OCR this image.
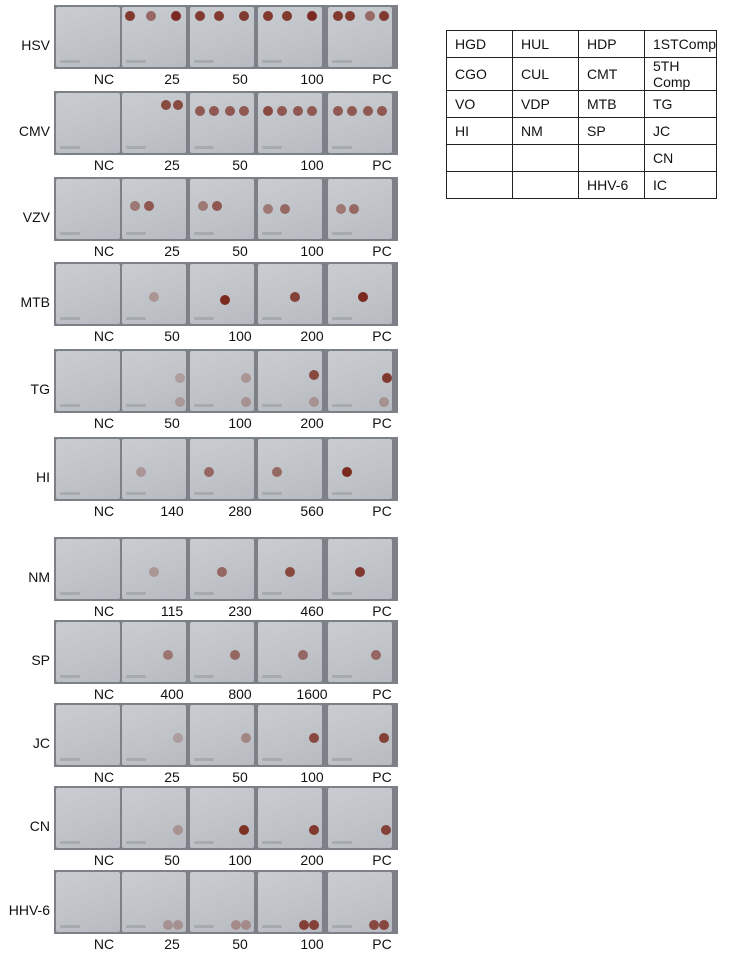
HSV
NC	25	50	100	PC
CMV
NC	25	50	100	PC
VZV
NC	25	50	100	PC
MTB
NC	50	100	200	PC
TG
NC	50	100	200	PC
HI
NC	140	280	560	PC
NM
NC	115	230	460	PC
SP
NC	400	800	1600	PC
JC
NC	25	50	100	PC
CN
NC	50	100	200	PC
HHV-6
NC	25	50	100	PC
HGD	HUL	HDP	1STComp
CGO	CUL	CMT	5TH Comp
VO	VDP	MTB	TG
HI	NM	SP	JC
			CN
		HHV-6	IC
